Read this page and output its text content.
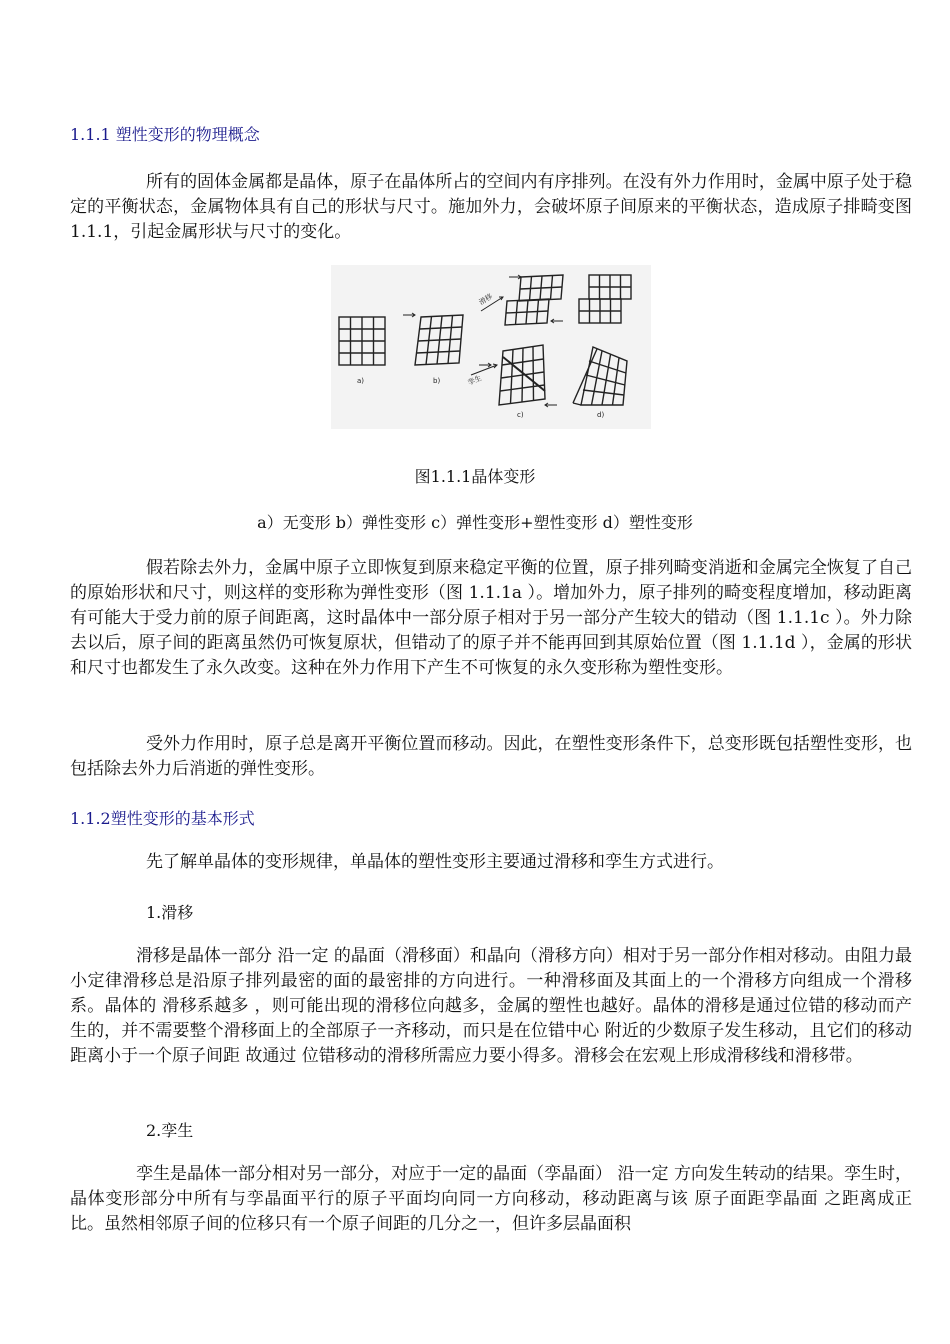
1.1.1 塑性变形的物理概念
所有的固体金属都是晶体，原子在晶体所占的空间内有序排列。在没有外力作用时，金属中原子处于稳定的平衡状态，金属物体具有自己的形状与尺寸。施加外力，会破坏原子间原来的平衡状态，造成原子排畸变图1.1.1，引起金属形状与尺寸的变化。
滑移
孪生
a)	b)
c)	d)
图1.1.1晶体变形
a）无变形 b）弹性变形 c）弹性变形+塑性变形 d）塑性变形
假若除去外力，金属中原子立即恢复到原来稳定平衡的位置，原子排列畸变消逝和金属完全恢复了自己的原始形状和尺寸，则这样的变形称为弹性变形（图 1.1.1a ）。增加外力，原子排列的畸变程度增加，移动距离有可能大于受力前的原子间距离，这时晶体中一部分原子相对于另一部分产生较大的错动（图 1.1.1c ）。外力除去以后，原子间的距离虽然仍可恢复原状，但错动了的原子并不能再回到其原始位置（图 1.1.1d ），金属的形状和尺寸也都发生了永久改变。这种在外力作用下产生不可恢复的永久变形称为塑性变形。
受外力作用时，原子总是离开平衡位置而移动。因此，在塑性变形条件下，总变形既包括塑性变形，也包括除去外力后消逝的弹性变形。
1.1.2塑性变形的基本形式
先了解单晶体的变形规律，单晶体的塑性变形主要通过滑移和孪生方式进行。
1.滑移
滑移是晶体一部分 沿一定 的晶面（滑移面）和晶向（滑移方向）相对于另一部分作相对移动。由阻力最小定律滑移总是沿原子排列最密的面的最密排的方向进行。一种滑移面及其面上的一个滑移方向组成一个滑移系。晶体的 滑移系越多 ，则可能出现的滑移位向越多，金属的塑性也越好。晶体的滑移是通过位错的移动而产生的，并不需要整个滑移面上的全部原子一齐移动，而只是在位错中心 附近的少数原子发生移动，且它们的移动距离小于一个原子间距 故通过 位错移动的滑移所需应力要小得多。滑移会在宏观上形成滑移线和滑移带。
2.孪生
孪生是晶体一部分相对另一部分，对应于一定的晶面（孪晶面） 沿一定 方向发生转动的结果。孪生时，晶体变形部分中所有与孪晶面平行的原子平面均向同一方向移动，移动距离与该 原子面距孪晶面 之距离成正比。虽然相邻原子间的位移只有一个原子间距的几分之一，但许多层晶面积
